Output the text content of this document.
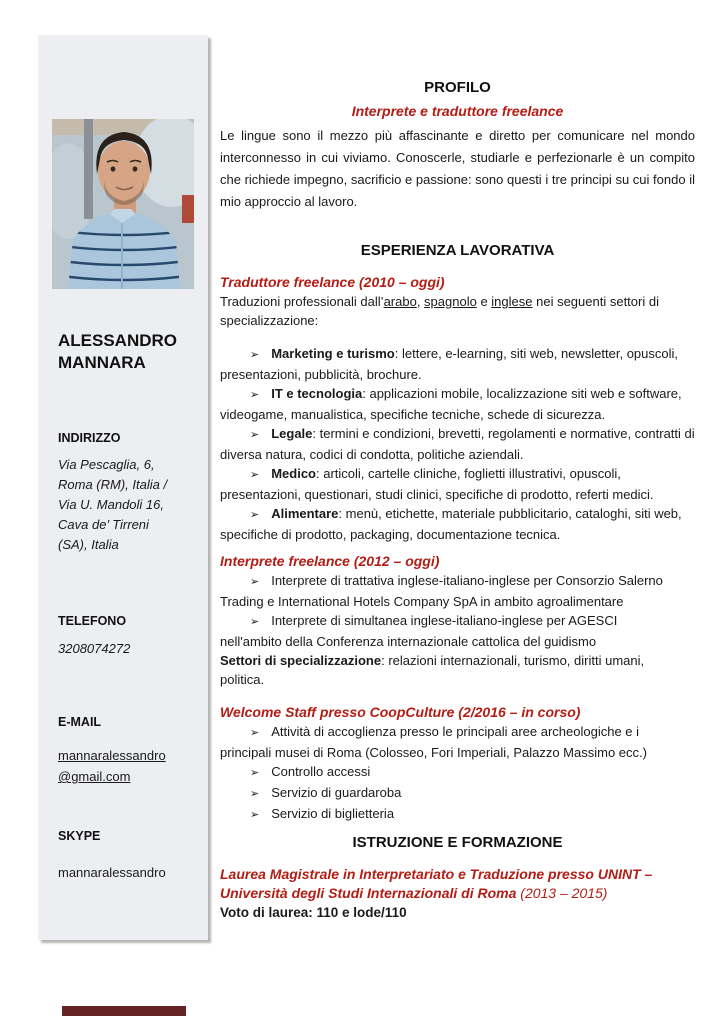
ALESSANDRO
MANNARA
INDIRIZZO
Via Pescaglia, 6,
Roma (RM), Italia /
Via U. Mandoli 16,
Cava de’ Tirreni
(SA), Italia
TELEFONO
3208074272
E-MAIL
mannaralessandro
@gmail.com
SKYPE
mannaralessandro
PROFILO
Interprete e traduttore freelance

Le lingue sono il mezzo più affascinante e diretto per comunicare nel mondo interconnesso in cui viviamo. Conoscerle, studiarle e perfezionarle è un compito che richiede impegno, sacrificio e passione: sono questi i tre principi su cui fondo il mio approccio al lavoro.

ESPERIENZA LAVORATIVA
Traduttore freelance (2010 – oggi)

Traduzioni professionali dall’arabo, spagnolo e inglese nei seguenti settori di specializzazione:

➢ Marketing e turismo: lettere, e-learning, siti web, newsletter, opuscoli, presentazioni, pubblicità, brochure.

➢ IT e tecnologia: applicazioni mobile, localizzazione siti web e software, videogame, manualistica, specifiche tecniche, schede di sicurezza.

➢ Legale: termini e condizioni, brevetti, regolamenti e normative, contratti di diversa natura, codici di condotta, politiche aziendali.

➢ Medico: articoli, cartelle cliniche, foglietti illustrativi, opuscoli, presentazioni, questionari, studi clinici, specifiche di prodotto, referti medici.

➢ Alimentare: menù, etichette, materiale pubblicitario, cataloghi, siti web, specifiche di prodotto, packaging, documentazione tecnica.

Interprete freelance (2012 – oggi)

➢ Interprete di trattativa inglese-italiano-inglese per Consorzio Salerno Trading e International Hotels Company SpA in ambito agroalimentare

➢ Interprete di simultanea inglese-italiano-inglese per AGESCI nell'ambito della Conferenza internazionale cattolica del guidismo

Settori di specializzazione: relazioni internazionali, turismo, diritti umani, politica.

Welcome Staff presso CoopCulture (2/2016 – in corso)

➢ Attività di accoglienza presso le principali aree archeologiche e i principali musei di Roma (Colosseo, Fori Imperiali, Palazzo Massimo ecc.)

➢ Controllo accessi

➢ Servizio di guardaroba

➢ Servizio di biglietteria

ISTRUZIONE E FORMAZIONE

Laurea Magistrale in Interpretariato e Traduzione presso UNINT – Università degli Studi Internazionali di Roma (2013 – 2015)

Voto di laurea: 110 e lode/110
